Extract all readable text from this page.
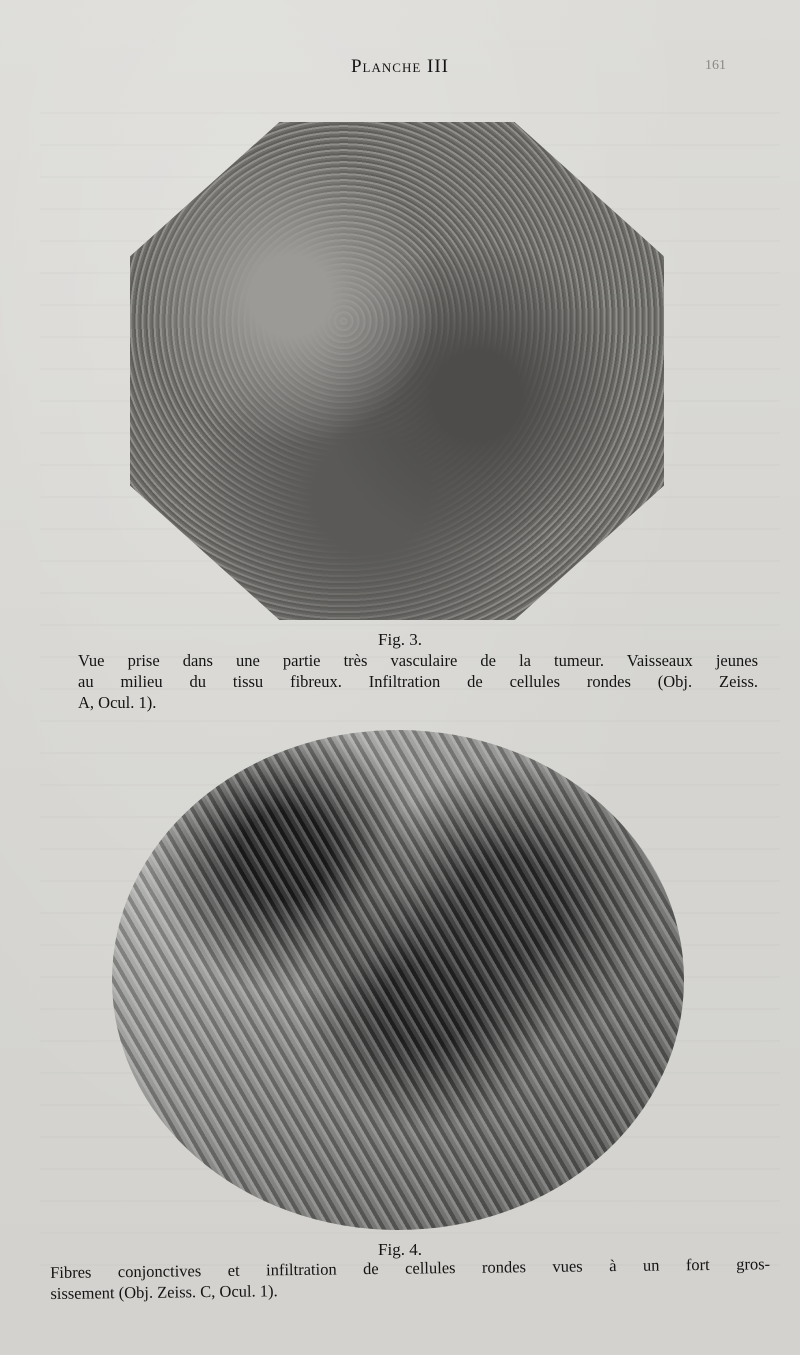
Planche III	161
Fig. 3.
Vue prise dans une partie très vasculaire de la tumeur. Vaisseaux jeunes
au milieu du tissu fibreux. Infiltration de cellules rondes (Obj. Zeiss.
A, Ocul. 1).
Fig. 4.
Fibres conjonctives et infiltration de cellules rondes vues à un fort gros-
sissement (Obj. Zeiss. C, Ocul. 1).
